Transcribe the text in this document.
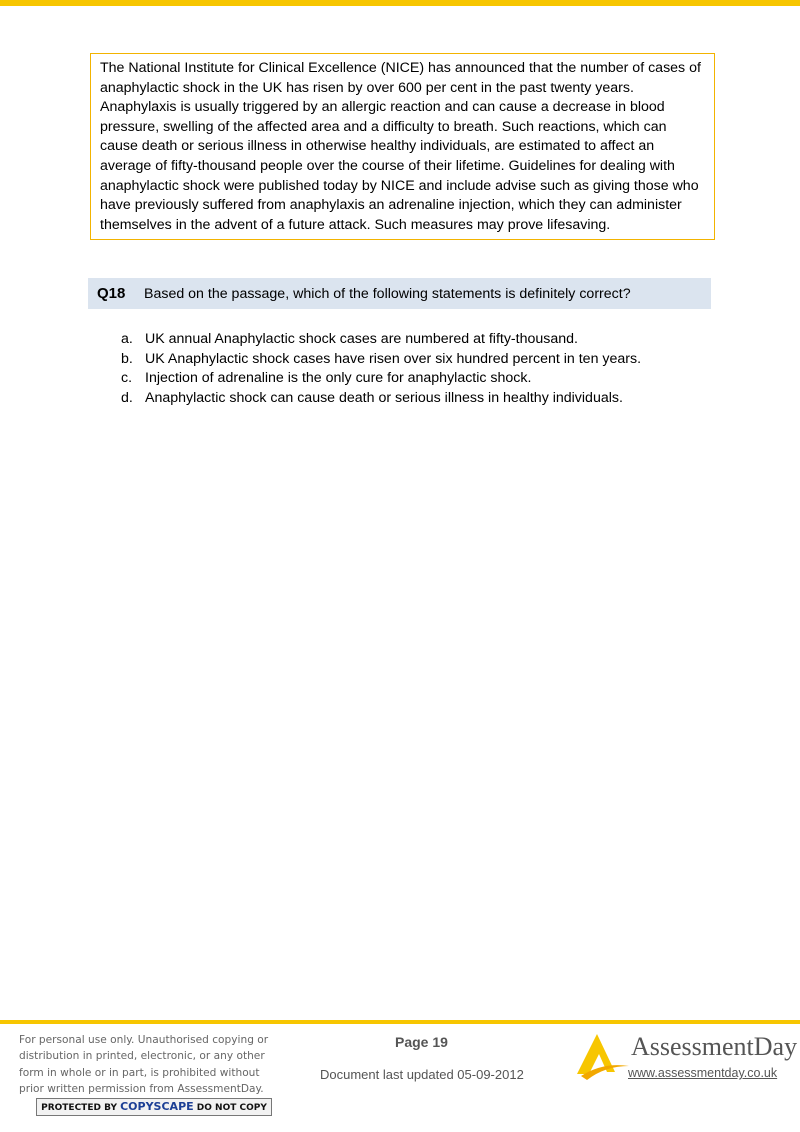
The National Institute for Clinical Excellence (NICE) has announced that the number of cases of anaphylactic shock in the UK has risen by over 600 per cent in the past twenty years. Anaphylaxis is usually triggered by an allergic reaction and can cause a decrease in blood pressure, swelling of the affected area and a difficulty to breath. Such reactions, which can cause death or serious illness in otherwise healthy individuals, are estimated to affect an average of fifty-thousand people over the course of their lifetime. Guidelines for dealing with anaphylactic shock were published today by NICE and include advise such as giving those who have previously suffered from anaphylaxis an adrenaline injection, which they can administer themselves in the advent of a future attack. Such measures may prove lifesaving.
Q18 Based on the passage, which of the following statements is definitely correct?
a. UK annual Anaphylactic shock cases are numbered at fifty-thousand.
b. UK Anaphylactic shock cases have risen over six hundred percent in ten years.
c. Injection of adrenaline is the only cure for anaphylactic shock.
d. Anaphylactic shock can cause death or serious illness in healthy individuals.
For personal use only. Unauthorised copying or
distribution in printed, electronic, or any other
form in whole or in part, is prohibited without
prior written permission from AssessmentDay.
PROTECTED BY COPYSCAPE DO NOT COPY
Page 19
Document last updated 05-09-2012
AssessmentDay
www.assessmentday.co.uk
